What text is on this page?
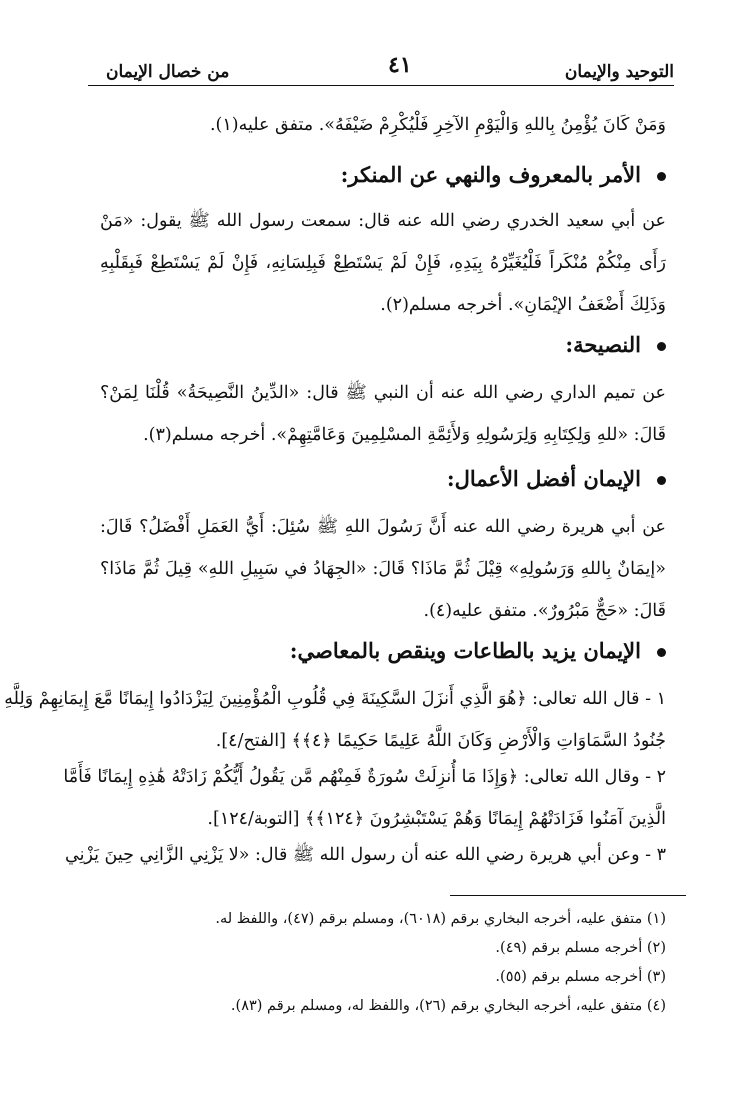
التوحيد والإيمان
٤١
من خصال الإيمان
وَمَنْ كَانَ يُؤْمِنُ بِاللهِ وَالْيَوْمِ الآخِرِ فَلْيُكْرِمْ ضَيْفَهُ». متفق عليه(١).
الأمر بالمعروف والنهي عن المنكر:
عن أبي سعيد الخدري رضي الله عنه قال: سمعت رسول الله ﷺ يقول: «مَنْ
رَأَى مِنْكُمْ مُنْكَراً فَلْيُغَيِّرْهُ بِيَدِهِ، فَإِنْ لَمْ يَسْتَطِعْ فَبِلِسَانِهِ، فَإِنْ لَمْ يَسْتَطِعْ فَبِقَلْبِهِ
وَذَلِكَ أَضْعَفُ الإيْمَانِ». أخرجه مسلم(٢).
النصيحة:
عن تميم الداري رضي الله عنه أن النبي ﷺ قال: «الدِّينُ النَّصِيحَةُ» قُلْنَا لِمَنْ؟
قَالَ: «للهِ وَلِكِتَابِهِ وَلِرَسُولِهِ وَلأَئِمَّةِ المسْلِمِينَ وَعَامَّتِهِمْ». أخرجه مسلم(٣).
الإيمان أفضل الأعمال:
عن أبي هريرة رضي الله عنه أَنَّ رَسُولَ اللهِ ﷺ سُئِلَ: أَيُّ العَمَلِ أَفْضَلُ؟ قَالَ:
«إيمَانٌ بِاللهِ وَرَسُولِهِ» قِيْلَ ثُمَّ مَاذَا؟ قَالَ: «الجِهَادُ في سَبِيلِ اللهِ» قِيلَ ثُمَّ مَاذَا؟
قَالَ: «حَجٌّ مَبْرُورٌ». متفق عليه(٤).
الإيمان يزيد بالطاعات وينقص بالمعاصي:
١ - قال الله تعالى: ﴿هُوَ الَّذِي أَنزَلَ السَّكِينَةَ فِي قُلُوبِ الْمُؤْمِنِينَ لِيَزْدَادُوا إِيمَانًا مَّعَ إِيمَانِهِمْ وَلِلَّهِ
جُنُودُ السَّمَاوَاتِ وَالْأَرْضِ وَكَانَ اللَّهُ عَلِيمًا حَكِيمًا ﴿٤﴾﴾ [الفتح/٤].
٢ - وقال الله تعالى: ﴿وَإِذَا مَا أُنزِلَتْ سُورَةٌ فَمِنْهُم مَّن يَقُولُ أَيُّكُمْ زَادَتْهُ هَٰذِهِ إِيمَانًا فَأَمَّا
الَّذِينَ آمَنُوا فَزَادَتْهُمْ إِيمَانًا وَهُمْ يَسْتَبْشِرُونَ ﴿١٢٤﴾﴾ [التوبة/١٢٤].
٣ - وعن أبي هريرة رضي الله عنه أن رسول الله ﷺ قال: «لا يَزْنِي الزَّانِي حِينَ يَزْنِي
(١) متفق عليه، أخرجه البخاري برقم (٦٠١٨)، ومسلم برقم (٤٧)، واللفظ له.
(٢) أخرجه مسلم برقم (٤٩).
(٣) أخرجه مسلم برقم (٥٥).
(٤) متفق عليه، أخرجه البخاري برقم (٢٦)، واللفظ له، ومسلم برقم (٨٣).
